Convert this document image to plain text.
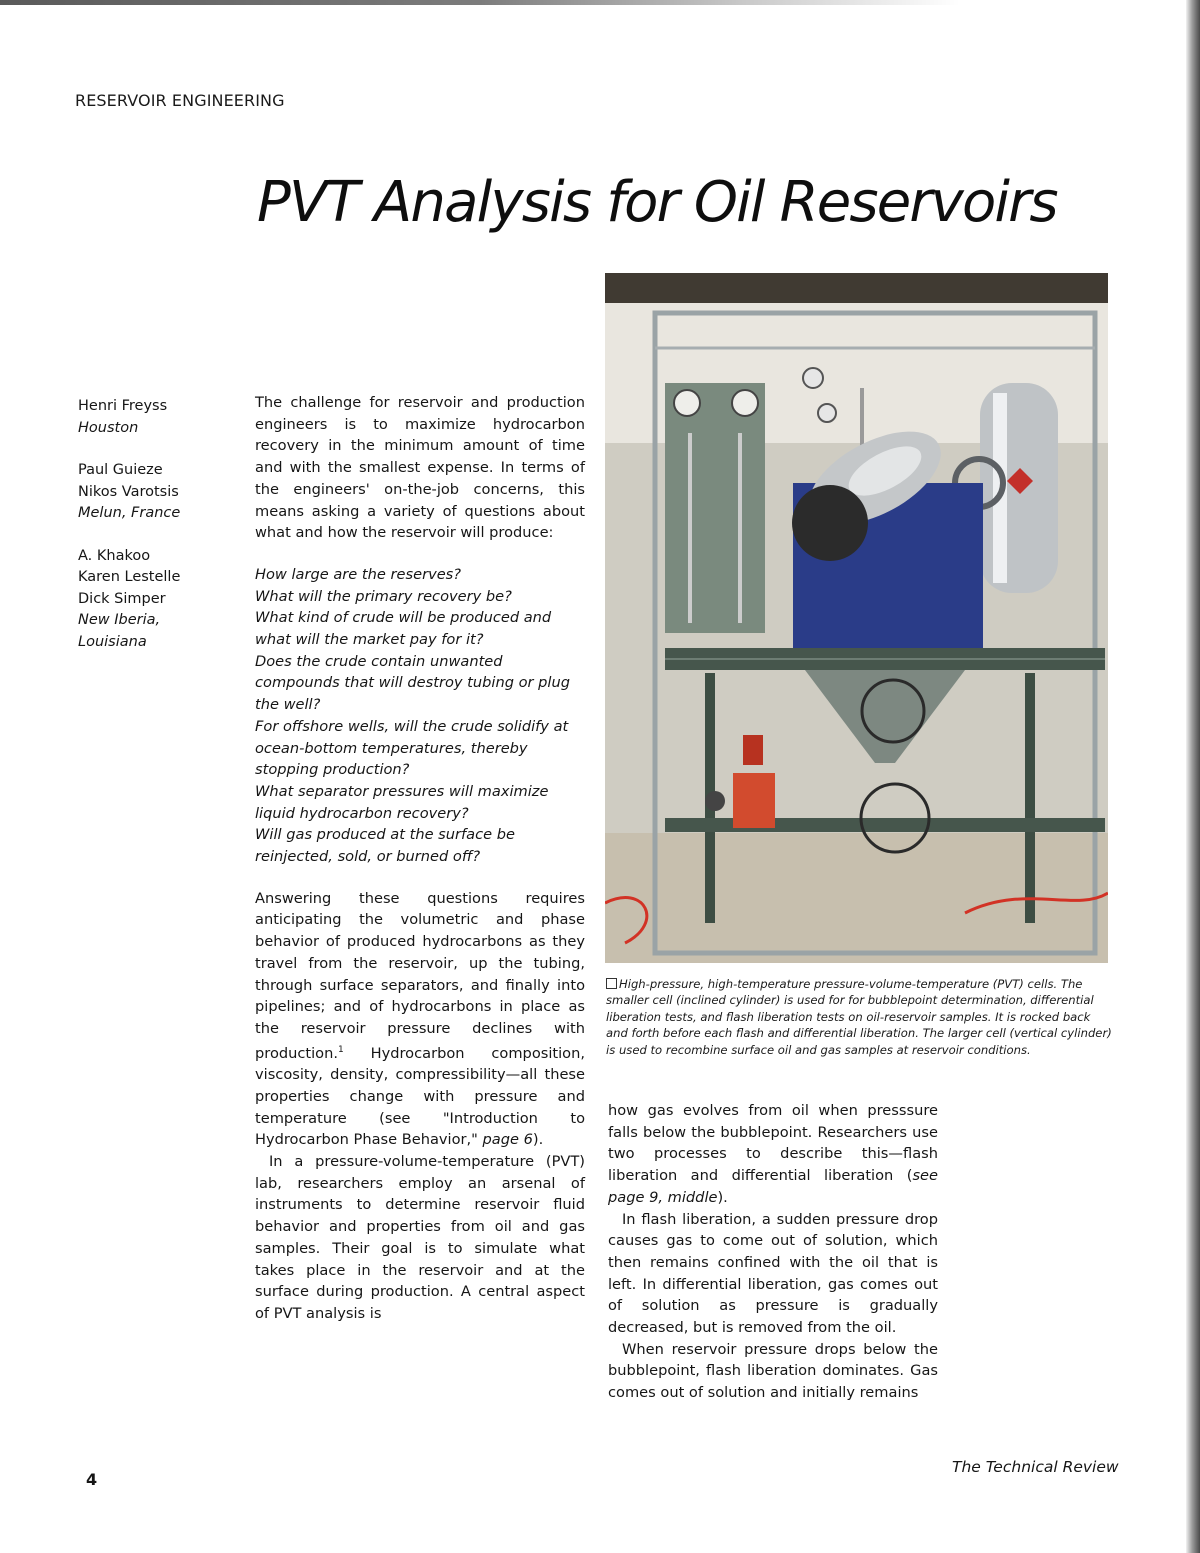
RESERVOIR ENGINEERING
PVT Analysis for Oil Reservoirs
Henri Freyss
Houston
Paul Guieze
Nikos Varotsis
Melun, France
A. Khakoo
Karen Lestelle
Dick Simper
New Iberia,
Louisiana

The challenge for reservoir and production engineers is to maximize hydrocarbon recovery in the minimum amount of time and with the smallest expense. In terms of the engineers' on-the-job concerns, this means asking a variety of questions about what and how the reservoir will produce:

How large are the reserves?
What will the primary recovery be?
What kind of crude will be produced and what will the market pay for it?
Does the crude contain unwanted compounds that will destroy tubing or plug the well?
For offshore wells, will the crude solidify at ocean-bottom temperatures, thereby stopping production?
What separator pressures will maximize liquid hydrocarbon recovery?
Will gas produced at the surface be reinjected, sold, or burned off?

Answering these questions requires anticipating the volumetric and phase behavior of produced hydrocarbons as they travel from the reservoir, up the tubing, through surface separators, and finally into pipelines; and of hydrocarbons in place as the reservoir pressure declines with production.$^1$ Hydrocarbon composition, viscosity, density, compressibility—all these properties change with pressure and temperature (see "Introduction to Hydrocarbon Phase Behavior," page 6).

In a pressure-volume-temperature (PVT) lab, researchers employ an arsenal of instruments to determine reservoir fluid behavior and properties from oil and gas samples. Their goal is to simulate what takes place in the reservoir and at the surface during production. A central aspect of PVT analysis is

High-pressure, high-temperature pressure-volume-temperature (PVT) cells. The smaller cell (inclined cylinder) is used for for bubblepoint determination, differential liberation tests, and flash liberation tests on oil-reservoir samples. It is rocked back and forth before each flash and differential liberation. The larger cell (vertical cylinder) is used to recombine surface oil and gas samples at reservoir conditions.

how gas evolves from oil when presssure falls below the bubblepoint. Researchers use two processes to describe this—flash liberation and differential liberation (see page 9, middle).

In flash liberation, a sudden pressure drop causes gas to come out of solution, which then remains confined with the oil that is left. In differential liberation, gas comes out of solution as pressure is gradually decreased, but is removed from the oil.

When reservoir pressure drops below the bubblepoint, flash liberation dominates. Gas comes out of solution and initially remains

4
The Technical Review
